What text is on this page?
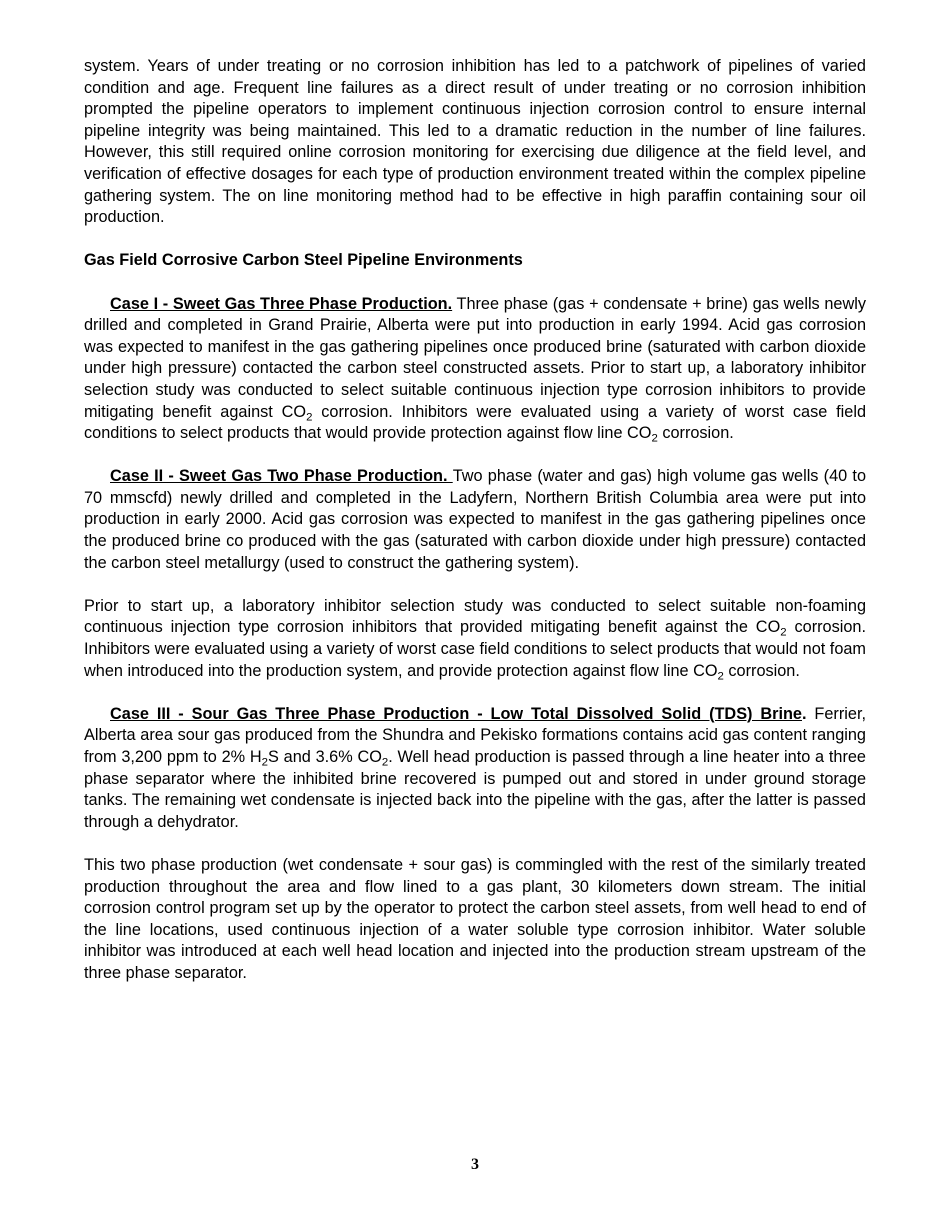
system. Years of under treating or no corrosion inhibition has led to a patchwork of pipelines of varied condition and age. Frequent line failures as a direct result of under treating or no corrosion inhibition prompted the pipeline operators to implement continuous injection corrosion control to ensure internal pipeline integrity was being maintained. This led to a dramatic reduction in the number of line failures. However, this still required online corrosion monitoring for exercising due diligence at the field level, and verification of effective dosages for each type of production environment treated within the complex pipeline gathering system. The on line monitoring method had to be effective in high paraffin containing sour oil production.

Gas Field Corrosive Carbon Steel Pipeline Environments

Case I - Sweet Gas Three Phase Production. Three phase (gas + condensate + brine) gas wells newly drilled and completed in Grand Prairie, Alberta were put into production in early 1994. Acid gas corrosion was expected to manifest in the gas gathering pipelines once produced brine (saturated with carbon dioxide under high pressure) contacted the carbon steel constructed assets. Prior to start up, a laboratory inhibitor selection study was conducted to select suitable continuous injection type corrosion inhibitors to provide mitigating benefit against $CO_2$ corrosion. Inhibitors were evaluated using a variety of worst case field conditions to select products that would provide protection against flow line $CO_2$ corrosion.

Case II - Sweet Gas Two Phase Production. Two phase (water and gas) high volume gas wells (40 to 70 mmscfd) newly drilled and completed in the Ladyfern, Northern British Columbia area were put into production in early 2000. Acid gas corrosion was expected to manifest in the gas gathering pipelines once the produced brine co produced with the gas (saturated with carbon dioxide under high pressure) contacted the carbon steel metallurgy (used to construct the gathering system).

Prior to start up, a laboratory inhibitor selection study was conducted to select suitable non-foaming continuous injection type corrosion inhibitors that provided mitigating benefit against the $CO_2$ corrosion. Inhibitors were evaluated using a variety of worst case field conditions to select products that would not foam when introduced into the production system, and provide protection against flow line $CO_2$ corrosion.

Case III - Sour Gas Three Phase Production - Low Total Dissolved Solid (TDS) Brine. Ferrier, Alberta area sour gas produced from the Shundra and Pekisko formations contains acid gas content ranging from 3,200 ppm to 2% $H_2S$ and 3.6% $CO_2$. Well head production is passed through a line heater into a three phase separator where the inhibited brine recovered is pumped out and stored in under ground storage tanks. The remaining wet condensate is injected back into the pipeline with the gas, after the latter is passed through a dehydrator.

This two phase production (wet condensate + sour gas) is commingled with the rest of the similarly treated production throughout the area and flow lined to a gas plant, 30 kilometers down stream. The initial corrosion control program set up by the operator to protect the carbon steel assets, from well head to end of the line locations, used continuous injection of a water soluble type corrosion inhibitor. Water soluble inhibitor was introduced at each well head location and injected into the production stream upstream of the three phase separator.

3
